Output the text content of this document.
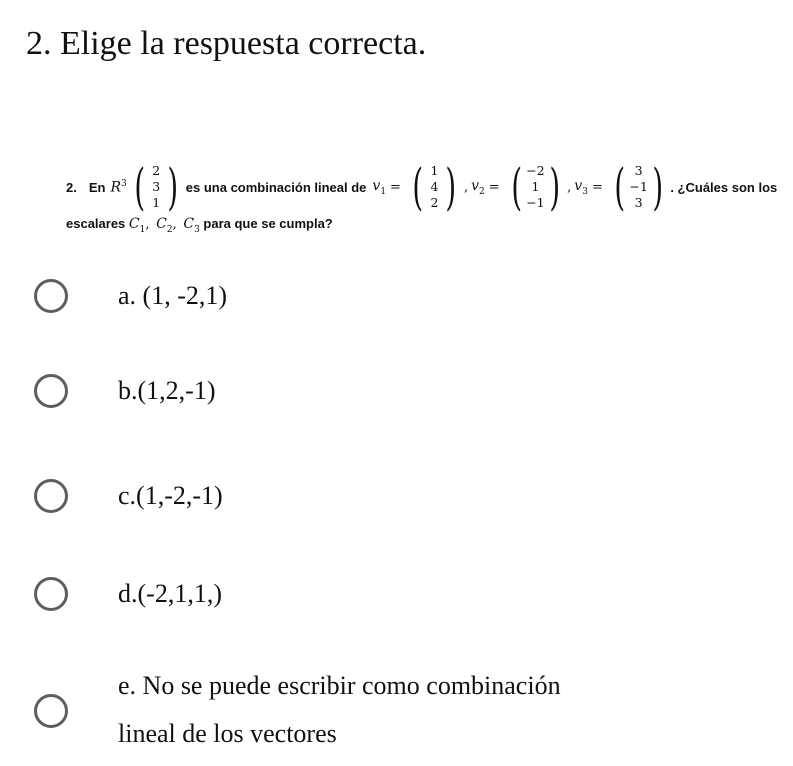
2. Elige la respuesta correcta.
2. En $R^3$ ( 2
3
1 ) es una combinación lineal de $v_1$ = ( 1
4
2 ) , $v_2$ = ( −2
1
−1 ) , $v_3$ = ( 3
−1
3 ) . ¿Cuáles son los
escalares $C_1$, $C_2$, $C_3$ para que se cumpla?
a. (1, -2,1)
b.(1,2,-1)
c.(1,-2,-1)
d.(-2,1,1,)
e. No se puede escribir como combinación
lineal de los vectores
